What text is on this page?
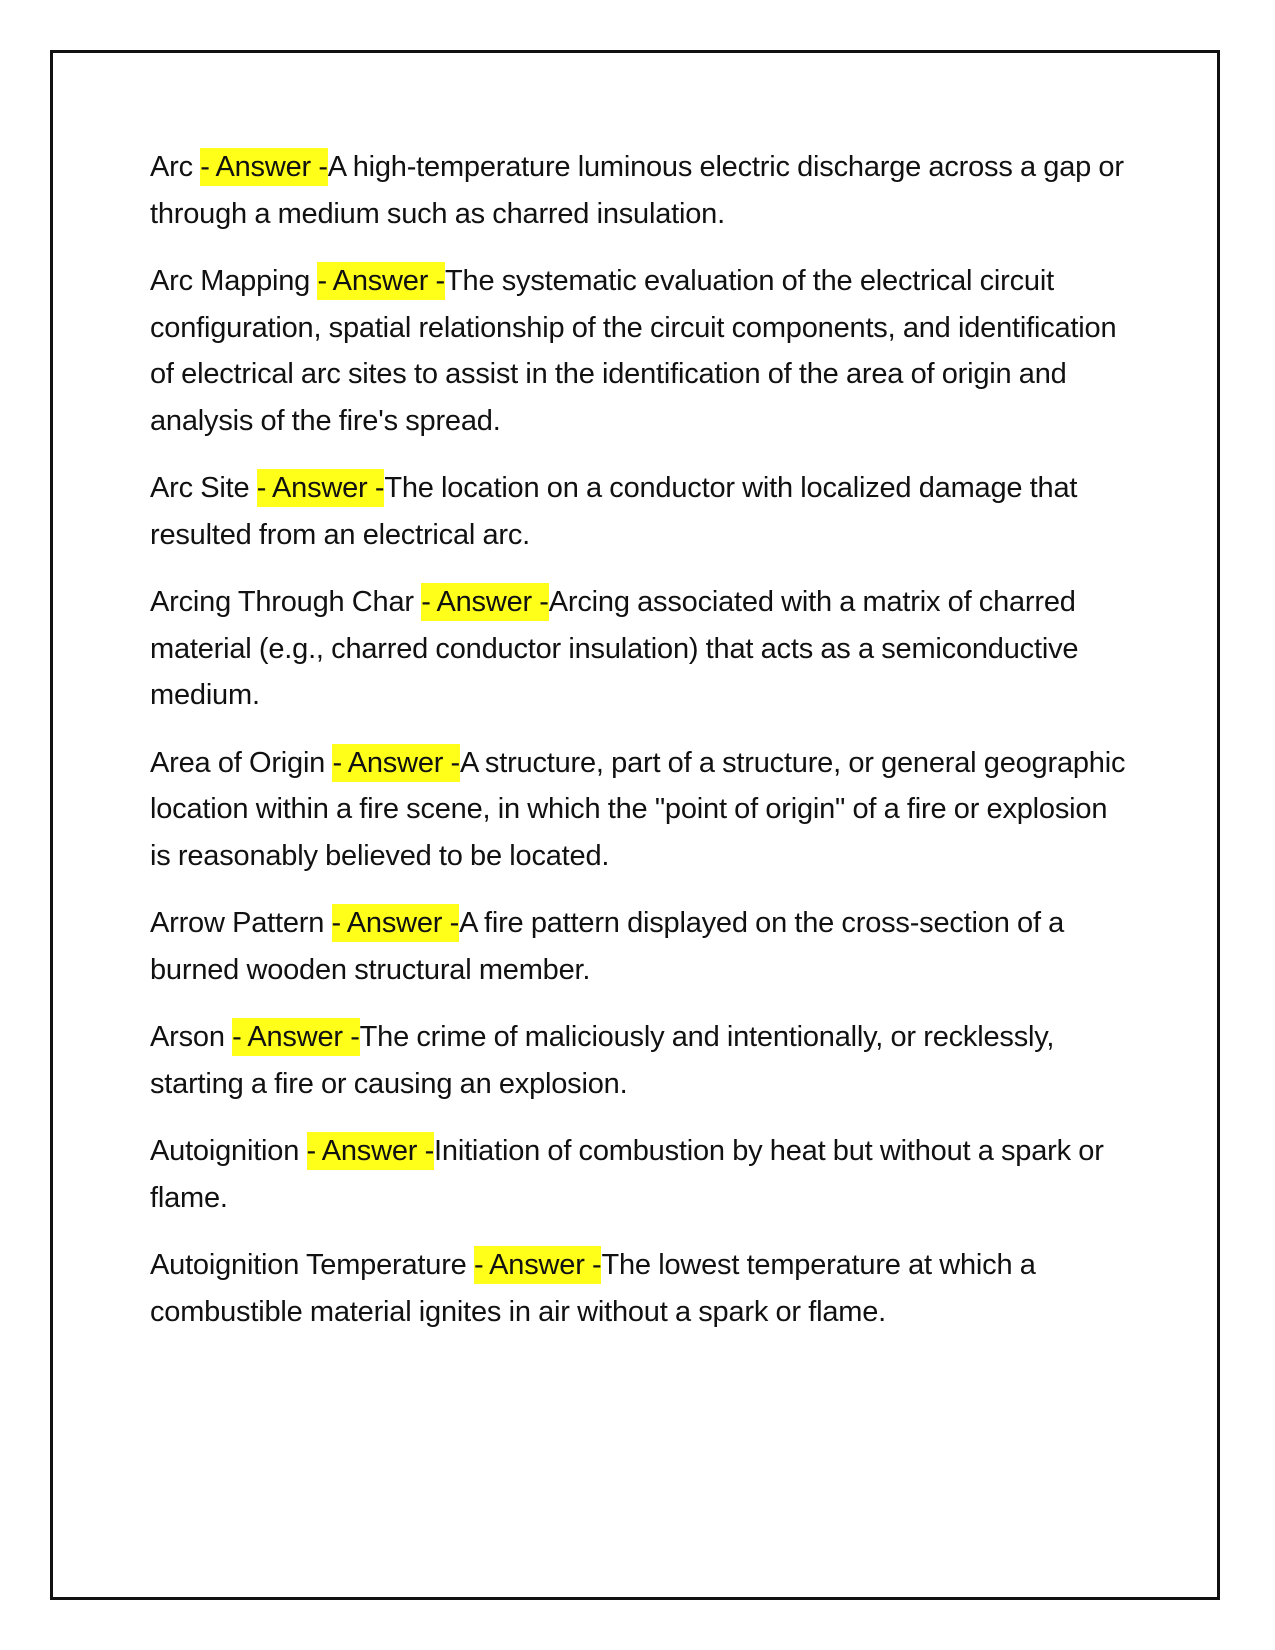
Arc - Answer -A high-temperature luminous electric discharge across a gap or through a medium such as charred insulation.

Arc Mapping - Answer -The systematic evaluation of the electrical circuit configuration, spatial relationship of the circuit components, and identification of electrical arc sites to assist in the identification of the area of origin and analysis of the fire's spread.

Arc Site - Answer -The location on a conductor with localized damage that resulted from an electrical arc.

Arcing Through Char - Answer -Arcing associated with a matrix of charred material (e.g., charred conductor insulation) that acts as a semiconductive medium.

Area of Origin - Answer -A structure, part of a structure, or general geographic location within a fire scene, in which the "point of origin" of a fire or explosion is reasonably believed to be located.

Arrow Pattern - Answer -A fire pattern displayed on the cross-section of a burned wooden structural member.

Arson - Answer -The crime of maliciously and intentionally, or recklessly, starting a fire or causing an explosion.

Autoignition - Answer -Initiation of combustion by heat but without a spark or flame.

Autoignition Temperature - Answer -The lowest temperature at which a combustible material ignites in air without a spark or flame.
